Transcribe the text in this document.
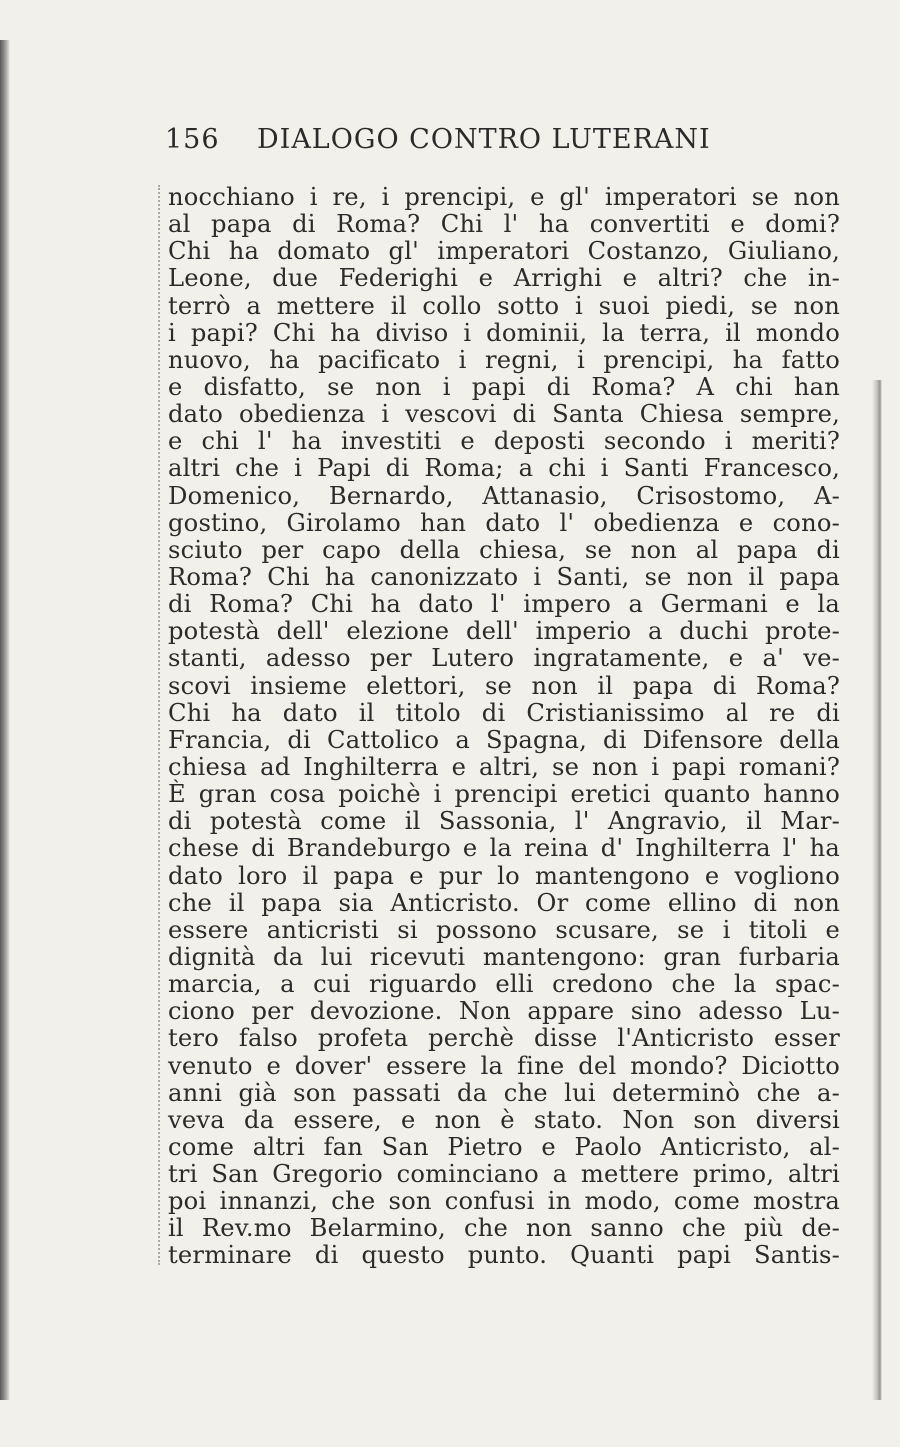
156 DIALOGO CONTRO LUTERANI
nocchiano i re, i prencipi, e gl' imperatori se non
al papa di Roma? Chi l' ha convertiti e domi?
Chi ha domato gl' imperatori Costanzo, Giuliano,
Leone, due Federighi e Arrighi e altri? che in-
terrò a mettere il collo sotto i suoi piedi, se non
i papi? Chi ha diviso i dominii, la terra, il mondo
nuovo, ha pacificato i regni, i prencipi, ha fatto
e disfatto, se non i papi di Roma? A chi han
dato obedienza i vescovi di Santa Chiesa sempre,
e chi l' ha investiti e deposti secondo i meriti?
altri che i Papi di Roma; a chi i Santi Francesco,
Domenico, Bernardo, Attanasio, Crisostomo, A-
gostino, Girolamo han dato l' obedienza e cono-
sciuto per capo della chiesa, se non al papa di
Roma? Chi ha canonizzato i Santi, se non il papa
di Roma? Chi ha dato l' impero a Germani e la
potestà dell' elezione dell' imperio a duchi prote-
stanti, adesso per Lutero ingratamente, e a' ve-
scovi insieme elettori, se non il papa di Roma?
Chi ha dato il titolo di Cristianissimo al re di
Francia, di Cattolico a Spagna, di Difensore della
chiesa ad Inghilterra e altri, se non i papi romani?
È gran cosa poichè i prencipi eretici quanto hanno
di potestà come il Sassonia, l' Angravio, il Mar-
chese di Brandeburgo e la reina d' Inghilterra l' ha
dato loro il papa e pur lo mantengono e vogliono
che il papa sia Anticristo. Or come ellino di non
essere anticristi si possono scusare, se i titoli e
dignità da lui ricevuti mantengono: gran furbaria
marcia, a cui riguardo elli credono che la spac-
ciono per devozione. Non appare sino adesso Lu-
tero falso profeta perchè disse l'Anticristo esser
venuto e dover' essere la fine del mondo? Diciotto
anni già son passati da che lui determinò che a-
veva da essere, e non è stato. Non son diversi
come altri fan San Pietro e Paolo Anticristo, al-
tri San Gregorio cominciano a mettere primo, altri
poi innanzi, che son confusi in modo, come mostra
il Rev.mo Belarmino, che non sanno che più de-
terminare di questo punto. Quanti papi Santis-
